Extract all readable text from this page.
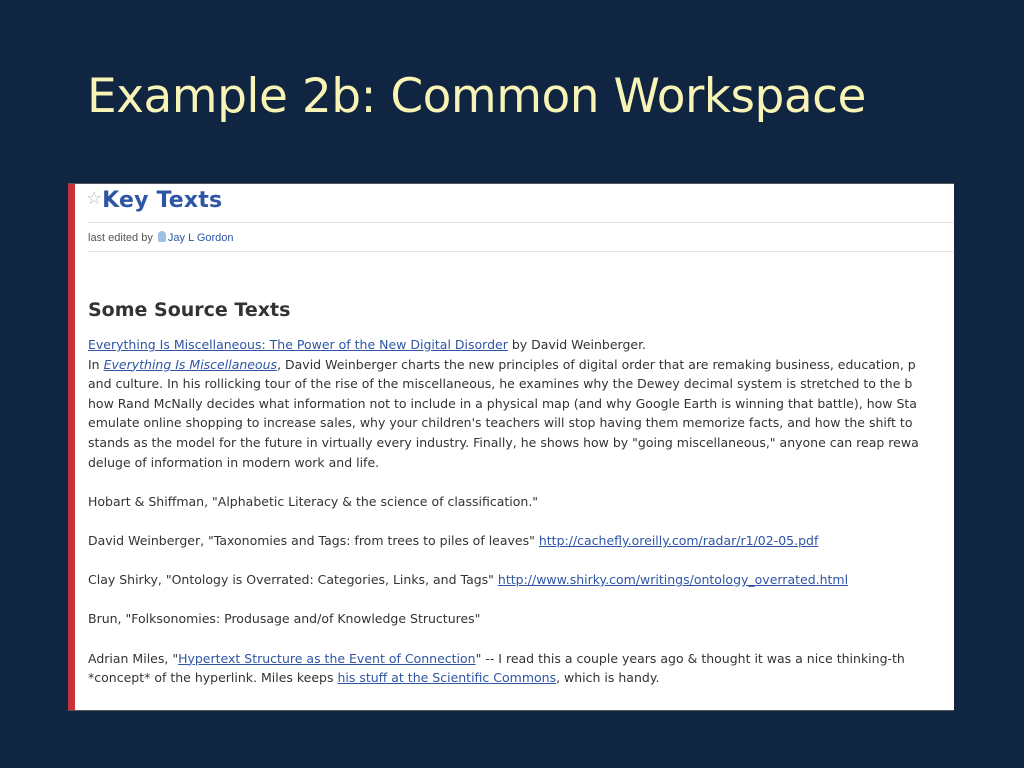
Example 2b: Common Workspace
☆Key Texts
last edited by Jay L Gordon
Some Source Texts
Everything Is Miscellaneous: The Power of the New Digital Disorder by David Weinberger.
In Everything Is Miscellaneous, David Weinberger charts the new principles of digital order that are remaking business, education, p
and culture. In his rollicking tour of the rise of the miscellaneous, he examines why the Dewey decimal system is stretched to the b
how Rand McNally decides what information not to include in a physical map (and why Google Earth is winning that battle), how Sta
emulate online shopping to increase sales, why your children's teachers will stop having them memorize facts, and how the shift to
stands as the model for the future in virtually every industry. Finally, he shows how by "going miscellaneous," anyone can reap rewa
deluge of information in modern work and life.
Hobart & Shiffman, "Alphabetic Literacy & the science of classification."
David Weinberger, "Taxonomies and Tags: from trees to piles of leaves" http://cachefly.oreilly.com/radar/r1/02-05.pdf
Clay Shirky, "Ontology is Overrated: Categories, Links, and Tags" http://www.shirky.com/writings/ontology_overrated.html
Brun, "Folksonomies: Produsage and/of Knowledge Structures"
Adrian Miles, "Hypertext Structure as the Event of Connection" -- I read this a couple years ago & thought it was a nice thinking-th
*concept* of the hyperlink. Miles keeps his stuff at the Scientific Commons, which is handy.
